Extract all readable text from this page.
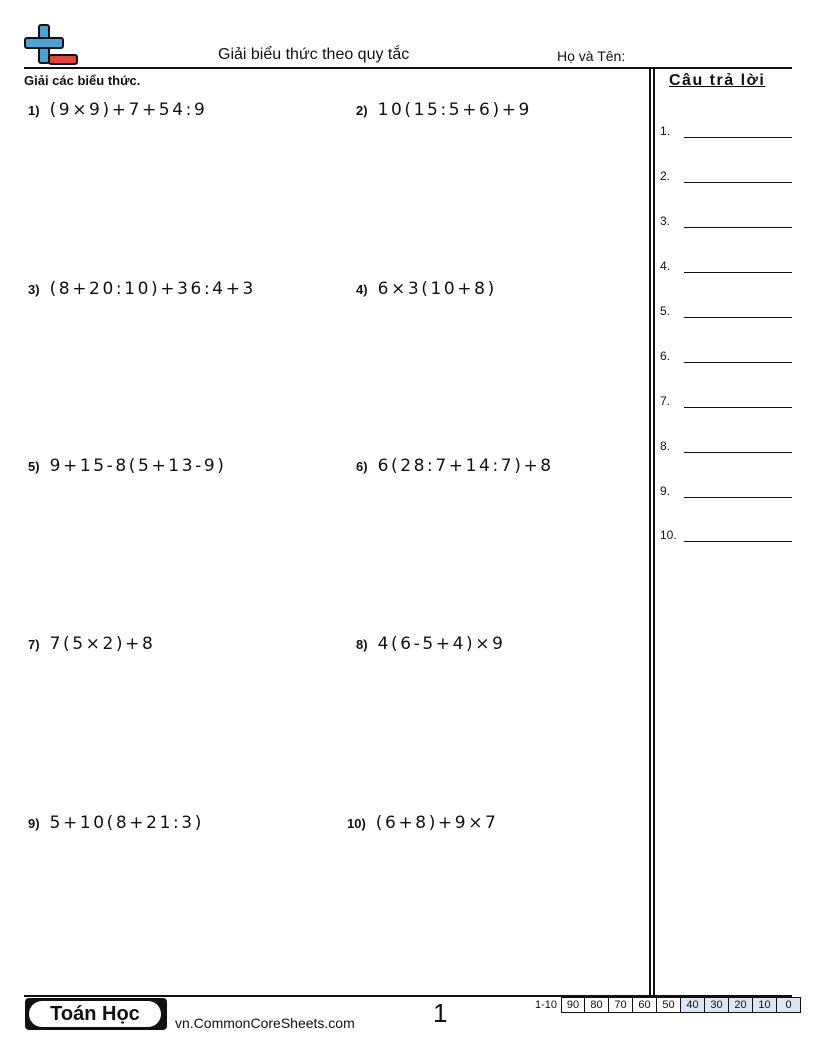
Giải biểu thức theo quy tắc	Họ và Tên:
Giải các biểu thức.
1) (9×9)+7+54:9	2) 10(15:5+6)+9
3) (8+20:10)+36:4+3	4) 6×3(10+8)
5) 9+15-8(5+13-9)	6) 6(28:7+14:7)+8
7) 7(5×2)+8	8) 4(6-5+4)×9
9) 5+10(8+21:3)	10) (6+8)+9×7
Câu trả lời
1.
2.
3.
4.
5.
6.
7.
8.
9.
10.
Toán Học	vn.CommonCoreSheets.com	1	1-10 90	80	70	60	50	40	30	20	10	0
